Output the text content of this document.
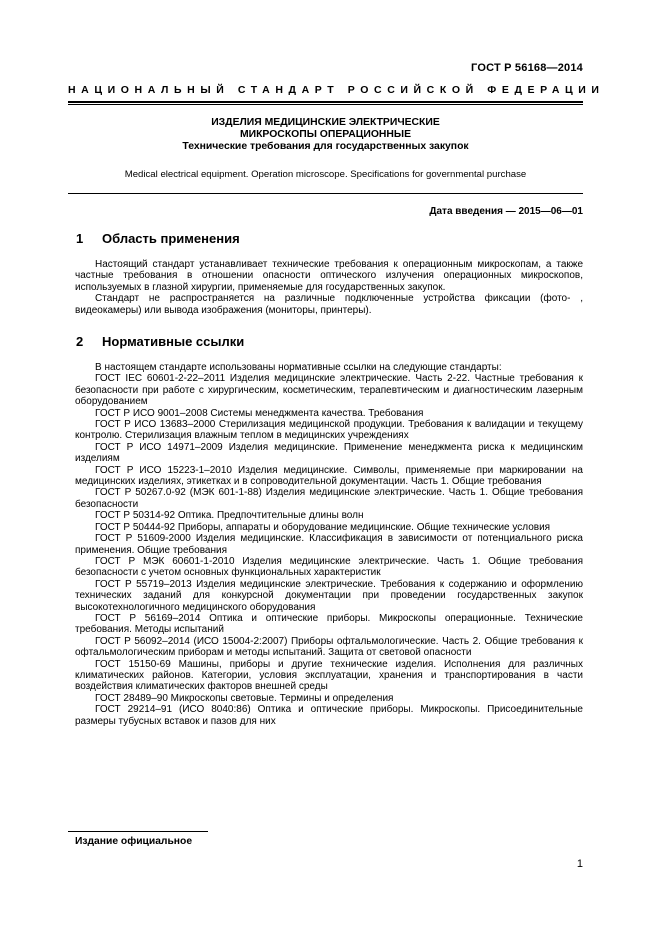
ГОСТ Р 56168—2014
НАЦИОНАЛЬНЫЙ СТАНДАРТ РОССИЙСКОЙ ФЕДЕРАЦИИ
ИЗДЕЛИЯ МЕДИЦИНСКИЕ ЭЛЕКТРИЧЕСКИЕ
МИКРОСКОПЫ ОПЕРАЦИОННЫЕ
Технические требования для государственных закупок
Medical electrical equipment. Operation microscope. Specifications for governmental purchase
Дата введения — 2015—06—01
1 Область применения

Настоящий стандарт устанавливает технические требования к операционным микроскопам, а также частные требования в отношении опасности оптического излучения операционных микроскопов, используемых в глазной хирургии, применяемые для государственных закупок.

Стандарт не распространяется на различные подключенные устройства фиксации (фото- , видеокамеры) или вывода изображения (мониторы, принтеры).

2 Нормативные ссылки

В настоящем стандарте использованы нормативные ссылки на следующие стандарты:

ГОСТ IEC 60601-2-22–2011 Изделия медицинские электрические. Часть 2-22. Частные требования к безопасности при работе с хирургическим, косметическим, терапевтическим и диагностическим лазерным оборудованием

ГОСТ Р ИСО 9001–2008 Системы менеджмента качества. Требования

ГОСТ Р ИСО 13683–2000 Стерилизация медицинской продукции. Требования к валидации и текущему контролю. Стерилизация влажным теплом в медицинских учреждениях

ГОСТ Р ИСО 14971–2009 Изделия медицинские. Применение менеджмента риска к медицинским изделиям

ГОСТ Р ИСО 15223-1–2010 Изделия медицинские. Символы, применяемые при маркировании на медицинских изделиях, этикетках и в сопроводительной документации. Часть 1. Общие требования

ГОСТ Р 50267.0-92 (МЭК 601-1-88) Изделия медицинские электрические. Часть 1. Общие требования безопасности

ГОСТ Р 50314-92 Оптика. Предпочтительные длины волн

ГОСТ Р 50444-92 Приборы, аппараты и оборудование медицинские. Общие технические условия

ГОСТ Р 51609-2000 Изделия медицинские. Классификация в зависимости от потенциального риска применения. Общие требования

ГОСТ Р МЭК 60601-1-2010 Изделия медицинские электрические. Часть 1. Общие требования безопасности с учетом основных функциональных характеристик

ГОСТ Р 55719–2013 Изделия медицинские электрические. Требования к содержанию и оформлению технических заданий для конкурсной документации при проведении государственных закупок высокотехнологичного медицинского оборудования

ГОСТ Р 56169–2014 Оптика и оптические приборы. Микроскопы операционные. Технические требования. Методы испытаний

ГОСТ Р 56092–2014 (ИСО 15004-2:2007) Приборы офтальмологические. Часть 2. Общие требования к офтальмологическим приборам и методы испытаний. Защита от световой опасности

ГОСТ 15150-69 Машины, приборы и другие технические изделия. Исполнения для различных климатических районов. Категории, условия эксплуатации, хранения и транспортирования в части воздействия климатических факторов внешней среды

ГОСТ 28489–90 Микроскопы световые. Термины и определения

ГОСТ 29214–91 (ИСО 8040:86) Оптика и оптические приборы. Микроскопы. Присоединительные размеры тубусных вставок и пазов для них

Издание официальное
1
